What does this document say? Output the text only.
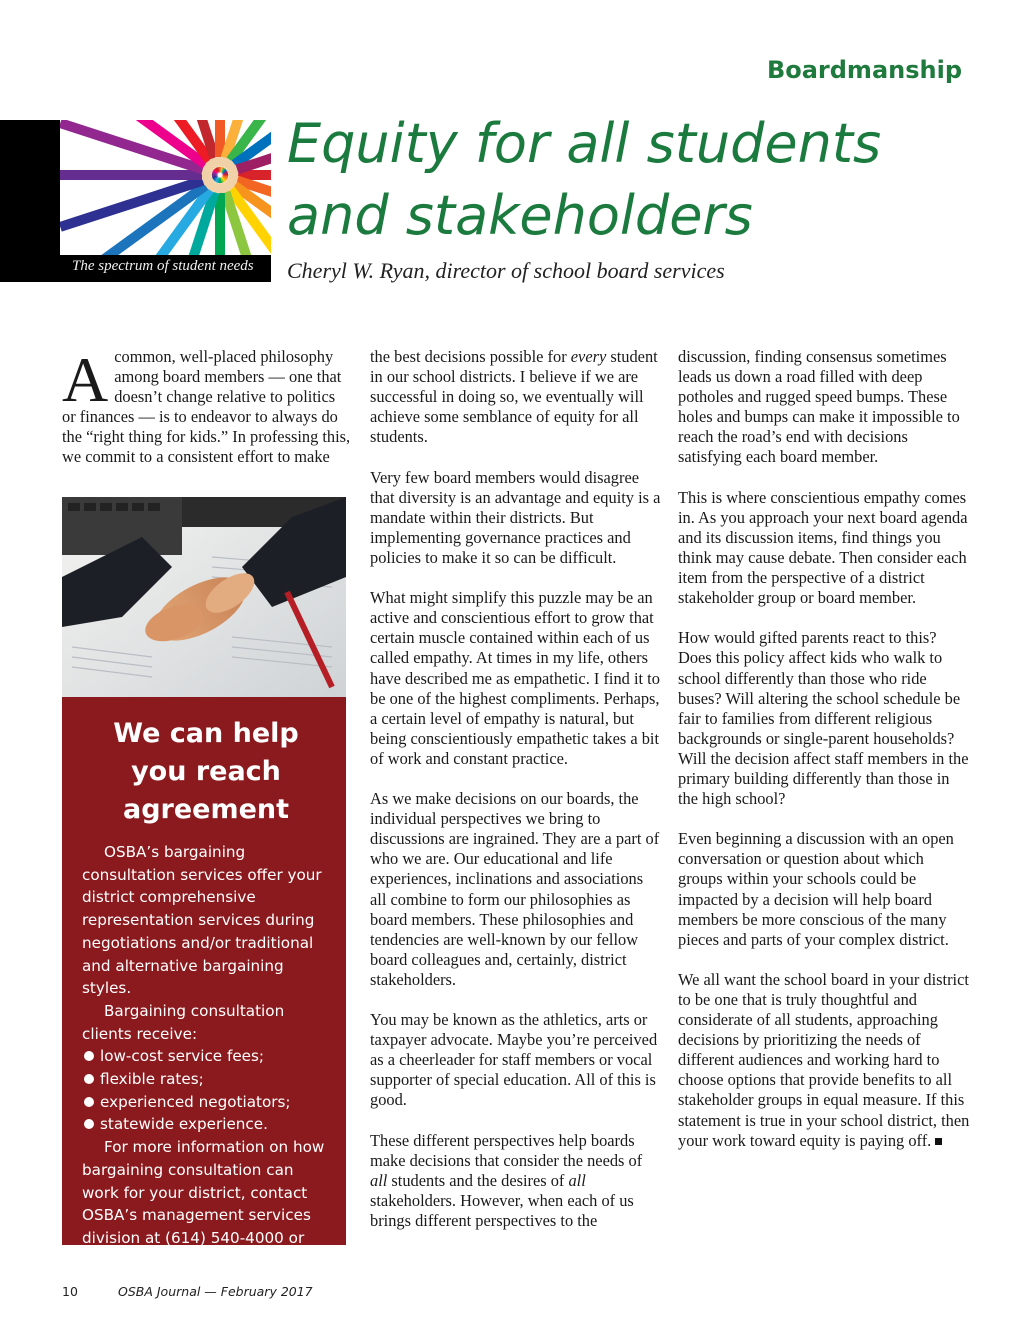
Boardmanship
The spectrum of student needs
Equity for all students
and stakeholders
Cheryl W. Ryan, director of school board services

Acommon, well-placed philosophy among board members — one that doesn’t change relative to politics or finances — is to endeavor to always do the “right thing for kids.” In professing this, we commit to a consistent effort to make

We can help you reach agreement
OSBA’s bargaining consultation services offer your district comprehensive representation services during negotiations and/or traditional and alternative bargaining styles.
Bargaining consultation clients receive:
low-cost service fees;
flexible rates;
experienced negotiators;
statewide experience.
For more information on how bargaining consultation can work for your district, contact OSBA’s management services division at (614) 540-4000 or (800) 589-OSBA.

the best decisions possible for every student in our school districts. I believe if we are successful in doing so, we eventually will achieve some semblance of equity for all students.

Very few board members would disagree that diversity is an advantage and equity is a mandate within their districts. But implementing governance practices and policies to make it so can be difficult.

What might simplify this puzzle may be an active and conscientious effort to grow that certain muscle contained within each of us called empathy. At times in my life, others have described me as empathetic. I find it to be one of the highest compliments. Perhaps, a certain level of empathy is natural, but being conscientiously empathetic takes a bit of work and constant practice.

As we make decisions on our boards, the individual perspectives we bring to discussions are ingrained. They are a part of who we are. Our educational and life experiences, inclinations and associations all combine to form our philosophies as board members. These philosophies and tendencies are well-known by our fellow board colleagues and, certainly, district stakeholders.

You may be known as the athletics, arts or taxpayer advocate. Maybe you’re perceived as a cheerleader for staff members or vocal supporter of special education. All of this is good.

These different perspectives help boards make decisions that consider the needs of all students and the desires of all stakeholders. However, when each of us brings different perspectives to the

discussion, finding consensus sometimes leads us down a road filled with deep potholes and rugged speed bumps. These holes and bumps can make it impossible to reach the road’s end with decisions satisfying each board member.

This is where conscientious empathy comes in. As you approach your next board agenda and its discussion items, find things you think may cause debate. Then consider each item from the perspective of a district stakeholder group or board member.

How would gifted parents react to this? Does this policy affect kids who walk to school differently than those who ride buses? Will altering the school schedule be fair to families from different religious backgrounds or single-parent households? Will the decision affect staff members in the primary building differently than those in the high school?

Even beginning a discussion with an open conversation or question about which groups within your schools could be impacted by a decision will help board members be more conscious of the many pieces and parts of your complex district.

We all want the school board in your district to be one that is truly thoughtful and considerate of all students, approaching decisions by prioritizing the needs of different audiences and working hard to choose options that provide benefits to all stakeholder groups in equal measure. If this statement is true in your school district, then your work toward equity is paying off.

10	OSBA Journal — February 2017
